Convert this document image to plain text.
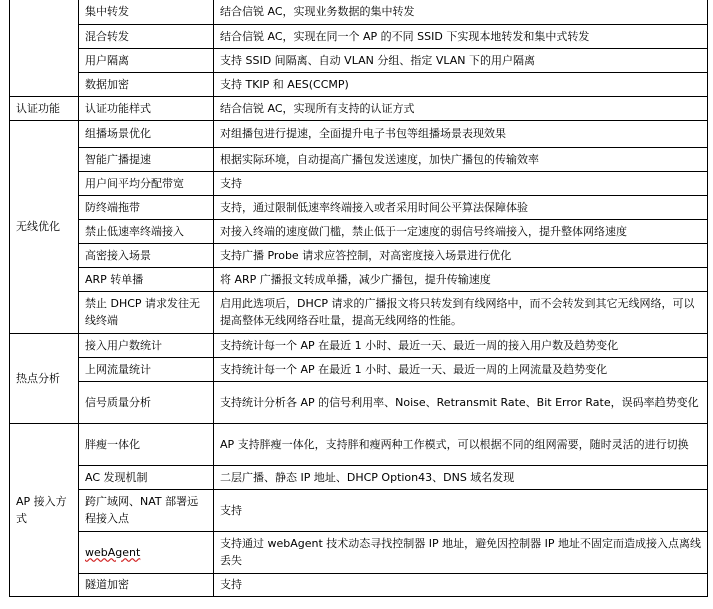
	集中转发	结合信锐 AC，实现业务数据的集中转发
	混合转发	结合信锐 AC，实现在同一个 AP 的不同 SSID 下实现本地转发和集中式转发
	用户隔离	支持 SSID 间隔离、自动 VLAN 分组、指定 VLAN 下的用户隔离
	数据加密	支持 TKIP 和 AES(CCMP)
认证功能	认证功能样式	结合信锐 AC，实现所有支持的认证方式
无线优化	组播场景优化	对组播包进行提速，全面提升电子书包等组播场景表现效果
	智能广播提速	根据实际环境，自动提高广播包发送速度，加快广播包的传输效率
	用户间平均分配带宽	支持
	防终端拖带	支持，通过限制低速率终端接入或者采用时间公平算法保障体验
	禁止低速率终端接入	对接入终端的速度做门槛，禁止低于一定速度的弱信号终端接入，提升整体网络速度
	高密接入场景	支持广播 Probe 请求应答控制，对高密度接入场景进行优化
	ARP 转单播	将 ARP 广播报文转成单播，减少广播包，提升传输速度
	禁止 DHCP 请求发往无线终端	启用此选项后，DHCP 请求的广播报文将只转发到有线网络中，而不会转发到其它无线网络，可以提高整体无线网络吞吐量，提高无线网络的性能。
热点分析	接入用户数统计	支持统计每一个 AP 在最近 1 小时、最近一天、最近一周的接入用户数及趋势变化
	上网流量统计	支持统计每一个 AP 在最近 1 小时、最近一天、最近一周的上网流量及趋势变化
	信号质量分析	支持统计分析各 AP 的信号利用率、Noise、Retransmit Rate、Bit Error Rate，误码率趋势变化
AP 接入方式	胖瘦一体化	AP 支持胖瘦一体化，支持胖和瘦两种工作模式，可以根据不同的组网需要，随时灵活的进行切换
	AC 发现机制	二层广播、静态 IP 地址、DHCP Option43、DNS 域名发现
	跨广域网、NAT 部署远程接入点	支持
	webAgent	支持通过 webAgent 技术动态寻找控制器 IP 地址，避免因控制器 IP 地址不固定而造成接入点离线丢失
	隧道加密	支持
